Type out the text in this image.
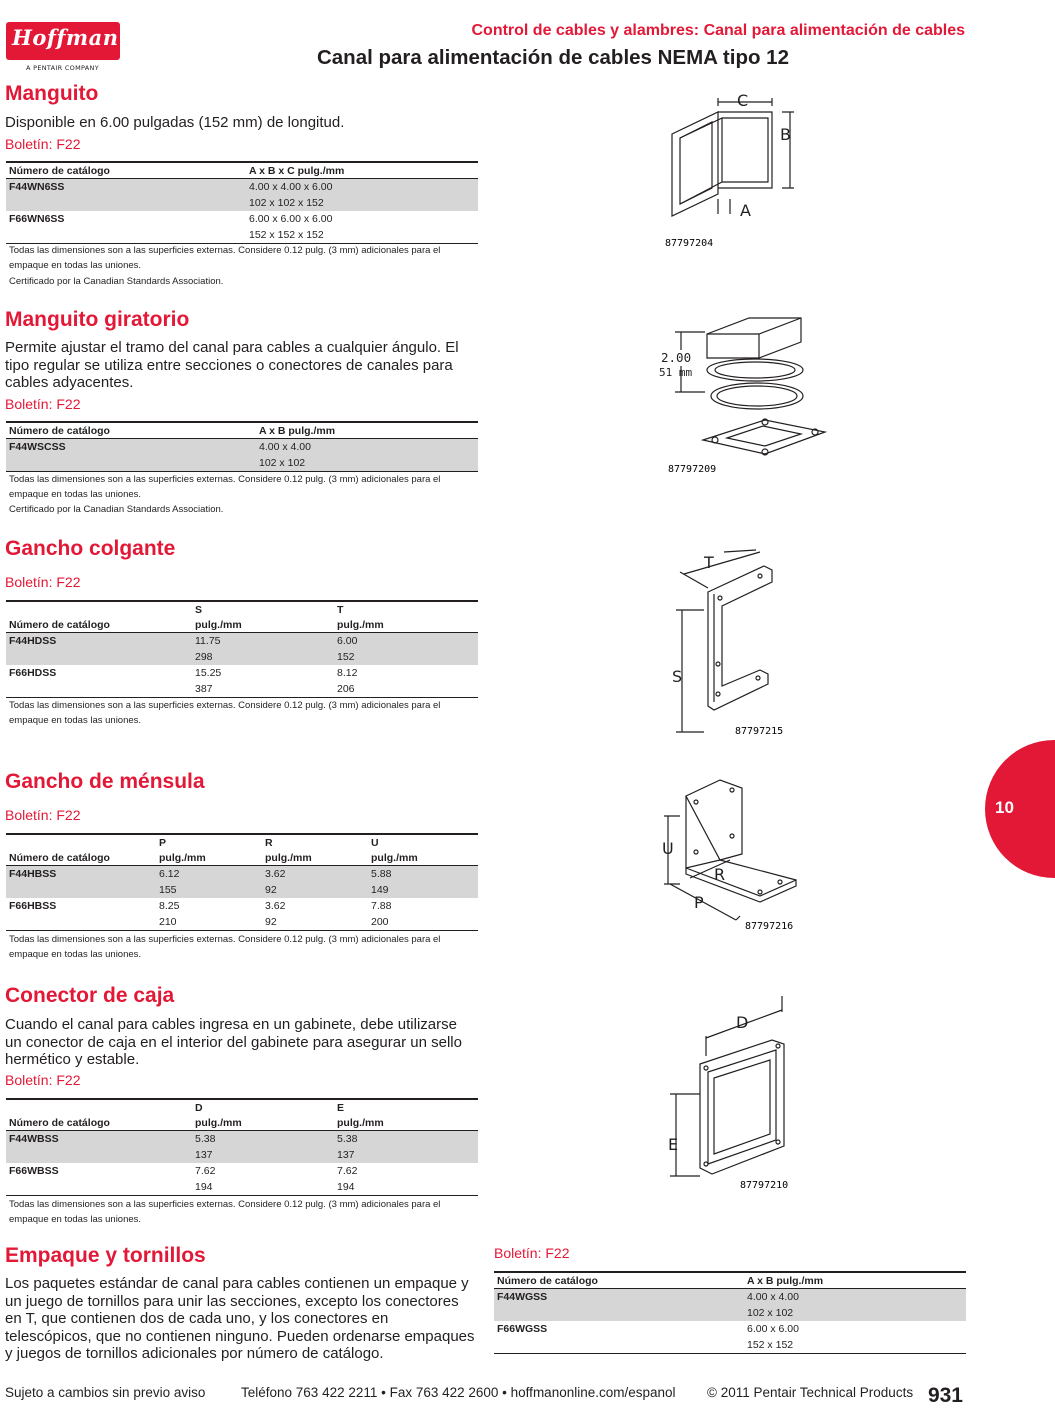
Hoffman
A PENTAIR COMPANY
Control de cables y alambres: Canal para alimentación de cables
Canal para alimentación de cables NEMA tipo 12
Manguito
Disponible en 6.00 pulgadas (152 mm) de longitud.
Boletín: F22
Número de catálogo	A x B x C pulg./mm
F44WN6SS	4.00 x 4.00 x 6.00
	102 x 102 x 152
F66WN6SS	6.00 x 6.00 x 6.00
	152 x 152 x 152
Todas las dimensiones son a las superficies externas. Considere 0.12 pulg. (3 mm) adicionales para el empaque en todas las uniones.
Certificado por la Canadian Standards Association.
C
B
A
87797204
Manguito giratorio
Permite ajustar el tramo del canal para cables a cualquier ángulo. El tipo regular se utiliza entre secciones o conectores de canales para cables adyacentes.
Boletín: F22
Número de catálogo	A x B pulg./mm
F44WSCSS	4.00 x 4.00
	102 x 102
Todas las dimensiones son a las superficies externas. Considere 0.12 pulg. (3 mm) adicionales para el empaque en todas las uniones.
Certificado por la Canadian Standards Association.
2.00
51 mm
87797209
Gancho colgante
Boletín: F22
	S	T
Número de catálogo	pulg./mm	pulg./mm
F44HDSS	11.75	6.00
	298	152
F66HDSS	15.25	8.12
	387	206
Todas las dimensiones son a las superficies externas. Considere 0.12 pulg. (3 mm) adicionales para el empaque en todas las uniones.
T
S
87797215
Gancho de ménsula
Boletín: F22
	P	R	U
Número de catálogo	pulg./mm	pulg./mm	pulg./mm
F44HBSS	6.12	3.62	5.88
	155	92	149
F66HBSS	8.25	3.62	7.88
	210	92	200
Todas las dimensiones son a las superficies externas. Considere 0.12 pulg. (3 mm) adicionales para el empaque en todas las uniones.
U
R
P
87797216
Conector de caja
Cuando el canal para cables ingresa en un gabinete, debe utilizarse un conector de caja en el interior del gabinete para asegurar un sello hermético y estable.
Boletín: F22
	D	E
Número de catálogo	pulg./mm	pulg./mm
F44WBSS	5.38	5.38
	137	137
F66WBSS	7.62	7.62
	194	194
Todas las dimensiones son a las superficies externas. Considere 0.12 pulg. (3 mm) adicionales para el empaque en todas las uniones.
D
E
87797210
Empaque y tornillos
Los paquetes estándar de canal para cables contienen un empaque y un juego de tornillos para unir las secciones, excepto los conectores en T, que contienen dos de cada uno, y los conectores en telescópicos, que no contienen ninguno. Pueden ordenarse empaques y juegos de tornillos adicionales por número de catálogo.
Boletín: F22
Número de catálogo	A x B pulg./mm
F44WGSS	4.00 x 4.00
	102 x 102
F66WGSS	6.00 x 6.00
	152 x 152
10
Sujeto a cambios sin previo aviso	Teléfono 763 422 2211 • Fax 763 422 2600 • hoffmanonline.com/espanol © 2011 Pentair Technical Products 931
